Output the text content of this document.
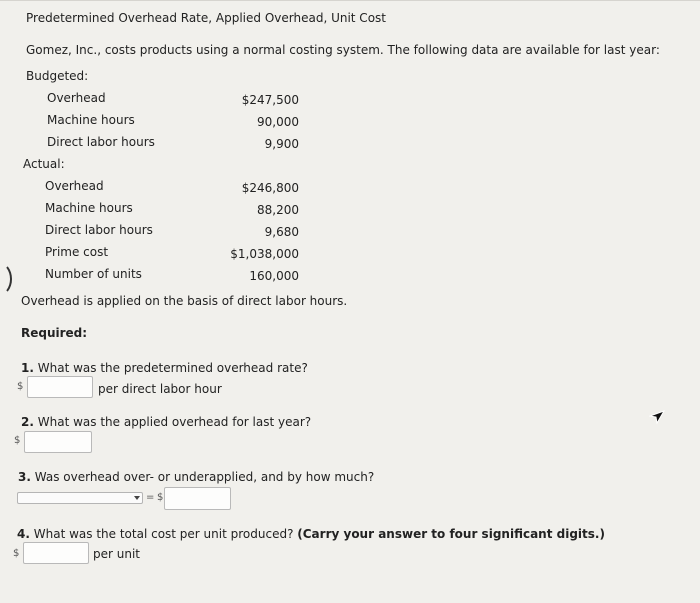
Predetermined Overhead Rate, Applied Overhead, Unit Cost
Gomez, Inc., costs products using a normal costing system. The following data are available for last year:
Budgeted:
Overhead	$247,500
Machine hours	90,000
Direct labor hours	9,900
Actual:
Overhead	$246,800
Machine hours	88,200
Direct labor hours	9,680
Prime cost	$1,038,000
Number of units	160,000
Overhead is applied on the basis of direct labor hours.
Required:
1. What was the predetermined overhead rate?
$	per direct labor hour
2. What was the applied overhead for last year?
$
3. Was overhead over- or underapplied, and by how much?
= $
4. What was the total cost per unit produced? (Carry your answer to four significant digits.)
$	per unit
